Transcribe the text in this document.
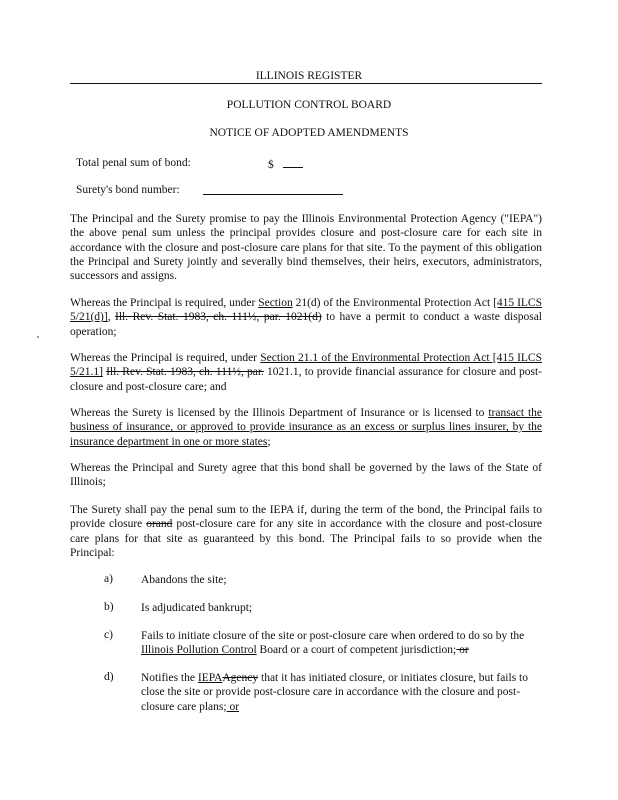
ILLINOIS REGISTER
POLLUTION CONTROL BOARD
NOTICE OF ADOPTED AMENDMENTS
Total penal sum of bond:	$
Surety's bond number:

The Principal and the Surety promise to pay the Illinois Environmental Protection Agency ("IEPA") the above penal sum unless the principal provides closure and post-closure care for each site in accordance with the closure and post-closure care plans for that site. To the payment of this obligation the Principal and Surety jointly and severally bind themselves, their heirs, executors, administrators, successors and assigns.

Whereas the Principal is required, under Section 21(d) of the Environmental Protection Act [415 ILCS 5/21(d)], Ill. Rev. Stat. 1983, ch. 111½, par. 1021(d) to have a permit to conduct a waste disposal operation;

Whereas the Principal is required, under Section 21.1 of the Environmental Protection Act [415 ILCS 5/21.1] Ill. Rev. Stat. 1983, ch. 111½, par. 1021.1, to provide financial assurance for closure and post-closure and post-closure care; and

Whereas the Surety is licensed by the Illinois Department of Insurance or is licensed to transact the business of insurance, or approved to provide insurance as an excess or surplus lines insurer, by the insurance department in one or more states;

Whereas the Principal and Surety agree that this bond shall be governed by the laws of the State of Illinois;

The Surety shall pay the penal sum to the IEPA if, during the term of the bond, the Principal fails to provide closure orand post-closure care for any site in accordance with the closure and post-closure care plans for that site as guaranteed by this bond. The Principal fails to so provide when the Principal:

a) Abandons the site;
b) Is adjudicated bankrupt;
c) Fails to initiate closure of the site or post-closure care when ordered to do so by the Illinois Pollution Control Board or a court of competent jurisdiction; or
d) Notifies the IEPAAgency that it has initiated closure, or initiates closure, but fails to close the site or provide post-closure care in accordance with the closure and post-closure care plans; or
